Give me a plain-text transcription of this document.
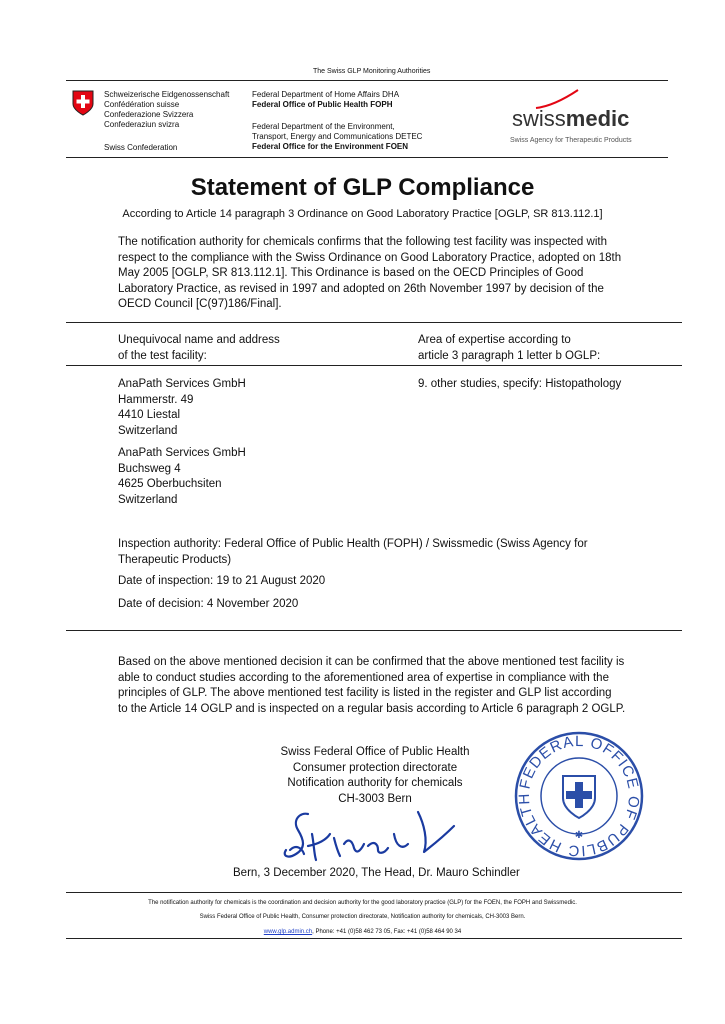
The Swiss GLP Monitoring Authorities
Schweizerische Eidgenossenschaft
Confédération suisse
Confederazione Svizzera
Confederaziun svizra
Swiss Confederation
Federal Department of Home Affairs DHA
Federal Office of Public Health FOPH
Federal Department of the Environment,
Transport, Energy and Communications DETEC
Federal Office for the Environment FOEN
swissmedic
Swiss Agency for Therapeutic Products
Statement of GLP Compliance
According to Article 14 paragraph 3 Ordinance on Good Laboratory Practice [OGLP, SR 813.112.1]
The notification authority for chemicals confirms that the following test facility was inspected with
respect to the compliance with the Swiss Ordinance on Good Laboratory Practice, adopted on 18th
May 2005 [OGLP, SR 813.112.1]. This Ordinance is based on the OECD Principles of Good
Laboratory Practice, as revised in 1997 and adopted on 26th November 1997 by decision of the
OECD Council [C(97)186/Final].
Unequivocal name and address
of the test facility:
Area of expertise according to
article 3 paragraph 1 letter b OGLP:
AnaPath Services GmbH
Hammerstr. 49
4410 Liestal
Switzerland
AnaPath Services GmbH
Buchsweg 4
4625 Oberbuchsiten
Switzerland
9. other studies, specify: Histopathology
Inspection authority: Federal Office of Public Health (FOPH) / Swissmedic (Swiss Agency for
Therapeutic Products)
Date of inspection: 19 to 21 August 2020
Date of decision: 4 November 2020
Based on the above mentioned decision it can be confirmed that the above mentioned test facility is
able to conduct studies according to the aforementioned area of expertise in compliance with the
principles of GLP. The above mentioned test facility is listed in the register and GLP list according
to the Article 14 OGLP and is inspected on a regular basis according to Article 6 paragraph 2 OGLP.
Swiss Federal Office of Public Health
Consumer protection directorate
Notification authority for chemicals
CH-3003 Bern
Bern, 3 December 2020, The Head, Dr. Mauro Schindler
FEDERAL OFFICE OF PUBLIC HEALTH
✱
The notification authority for chemicals is the coordination and decision authority for the good laboratory practice (GLP) for the FOEN, the FOPH and Swissmedic.
Swiss Federal Office of Public Health, Consumer protection directorate, Notification authority for chemicals, CH-3003 Bern.
www.glp.admin.ch, Phone: +41 (0)58 462 73 05, Fax: +41 (0)58 464 90 34
